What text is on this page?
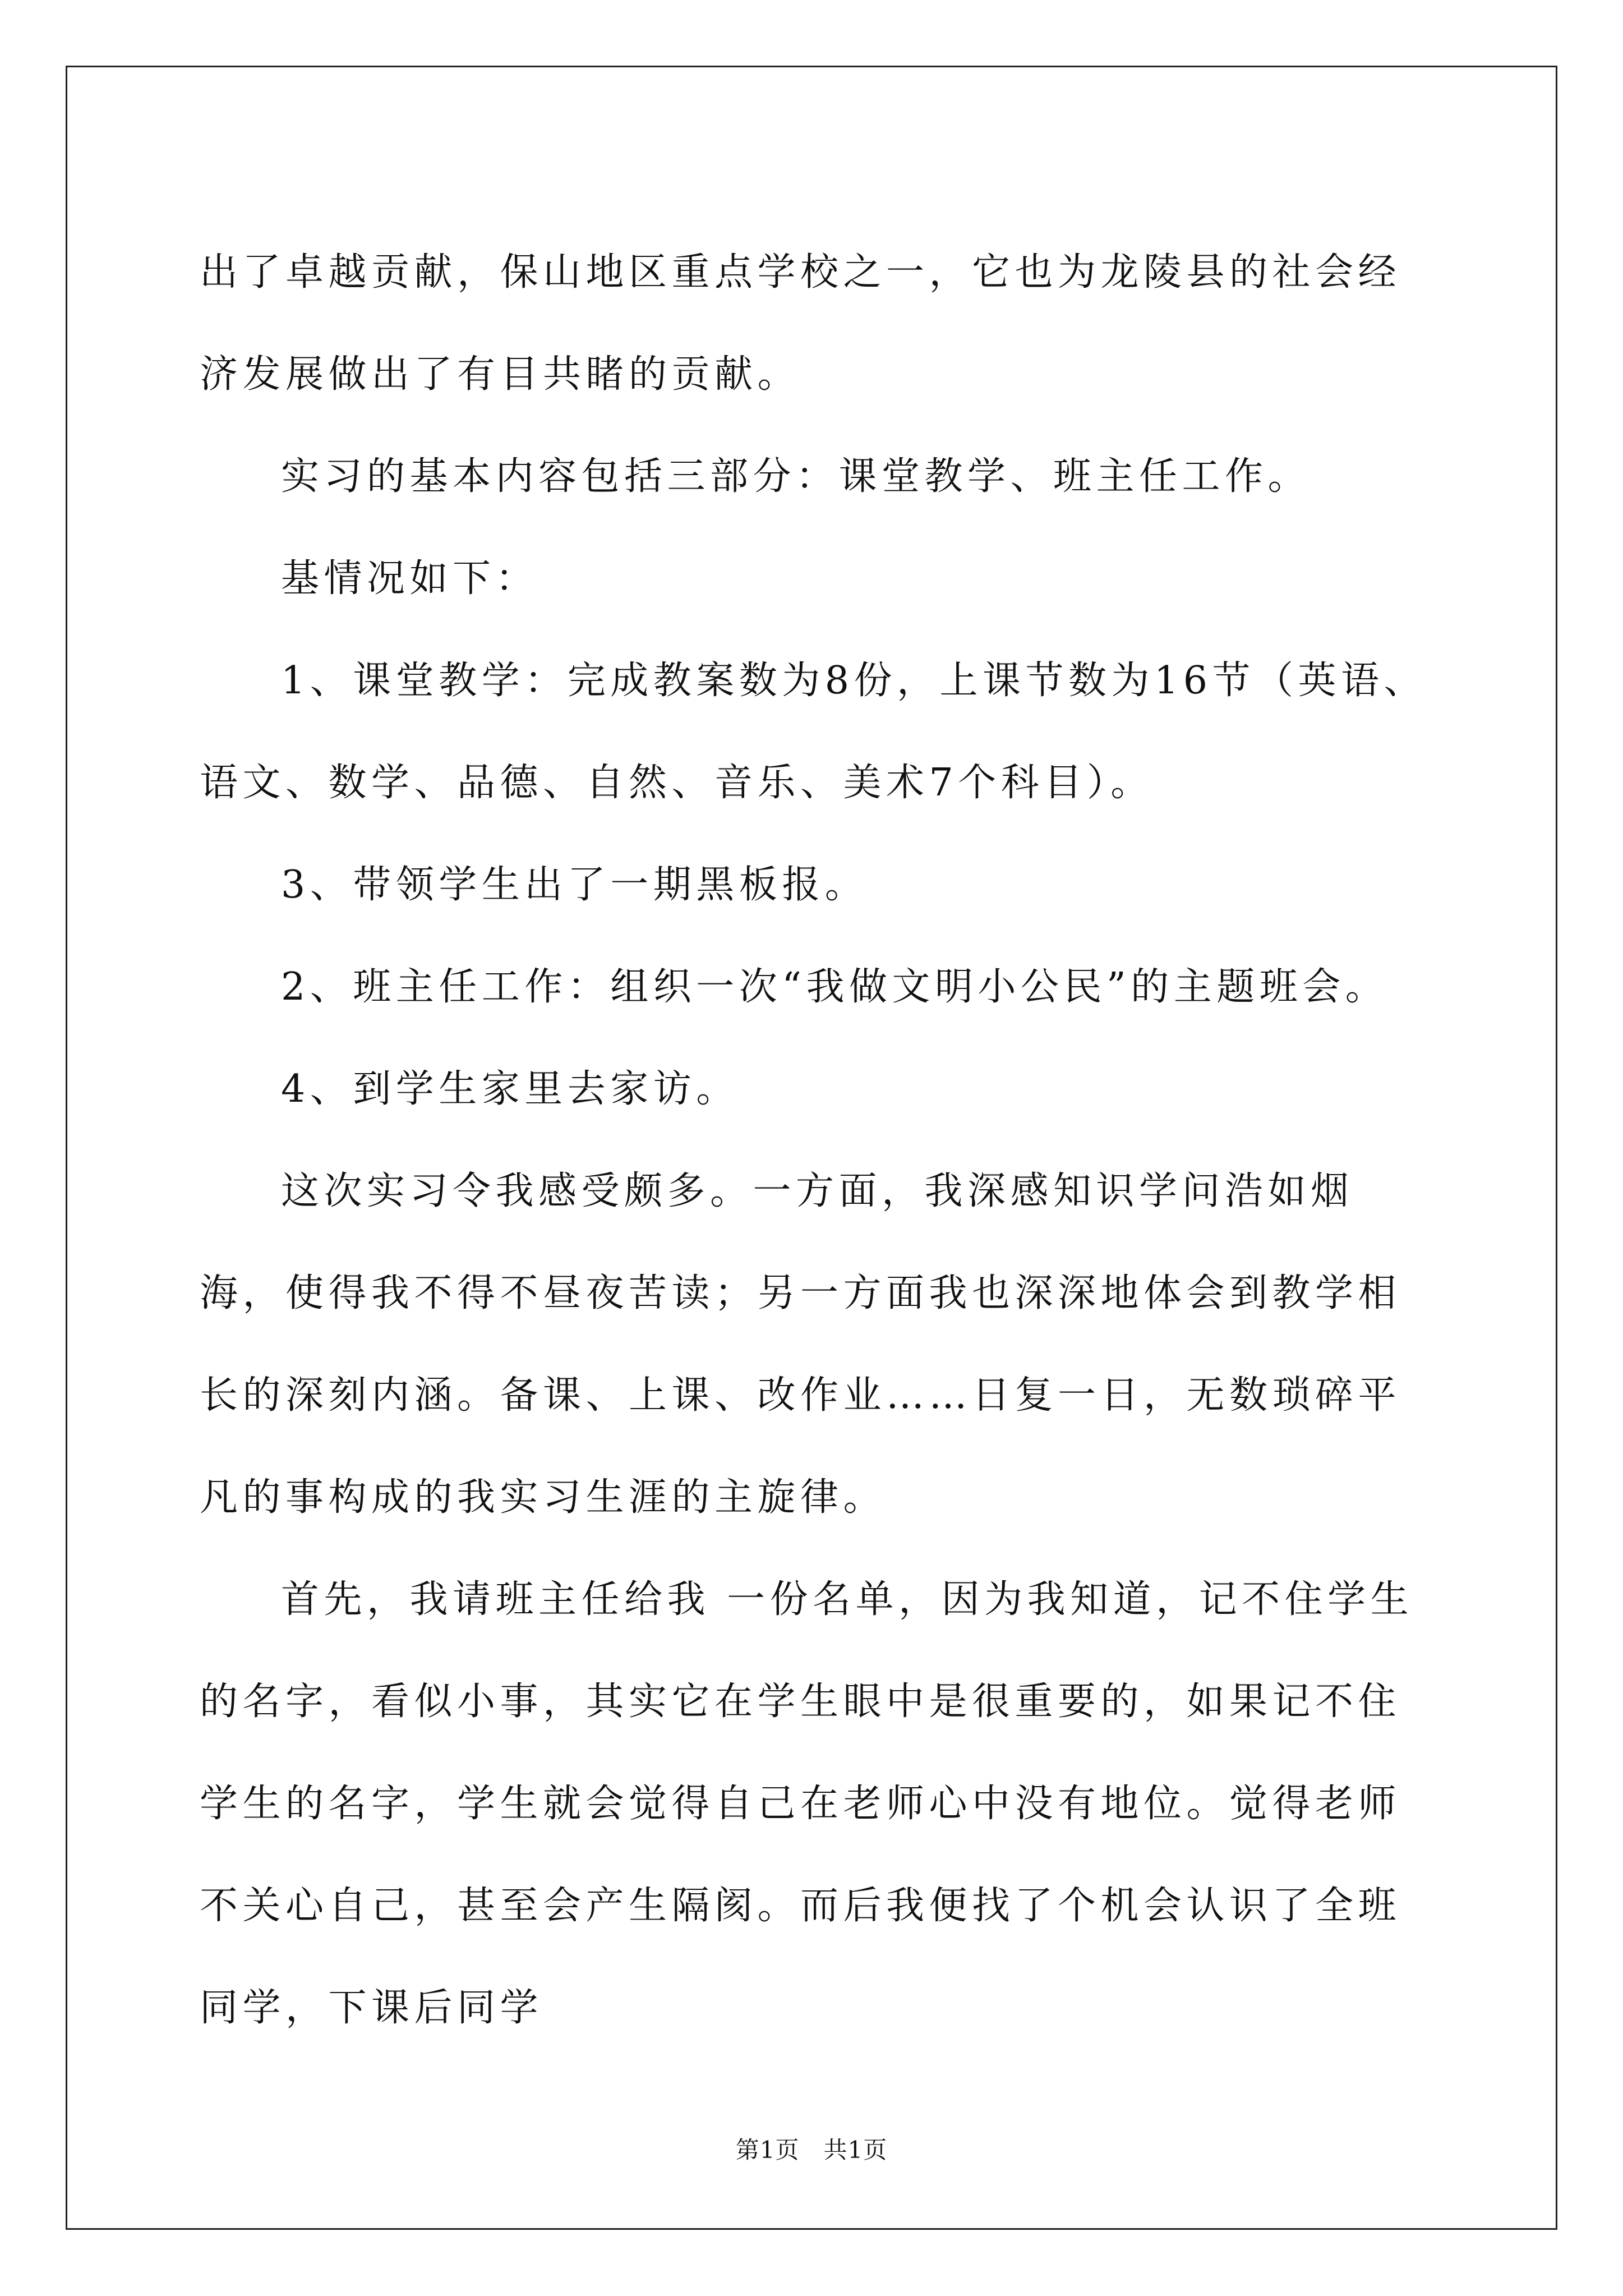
出了卓越贡献，保山地区重点学校之一，它也为龙陵县的社会经济发展做出了有目共睹的贡献。

实习的基本内容包括三部分：课堂教学、班主任工作。

基情况如下：

1、课堂教学：完成教案数为8份，上课节数为16节（英语、语文、数学、品德、自然、音乐、美术7个科目）。

3、带领学生出了一期黑板报。

2、班主任工作：组织一次“我做文明小公民”的主题班会。

4、到学生家里去家访。

这次实习令我感受颇多。一方面，我深感知识学问浩如烟海，使得我不得不昼夜苦读；另一方面我也深深地体会到教学相长的深刻内涵。备课、上课、改作业……日复一日，无数琐碎平凡的事构成的我实习生涯的主旋律。

首先，我请班主任给我 一份名单，因为我知道，记不住学生的名字，看似小事，其实它在学生眼中是很重要的，如果记不住学生的名字，学生就会觉得自己在老师心中没有地位。觉得老师不关心自己，甚至会产生隔阂。而后我便找了个机会认识了全班同学，下课后同学

第1页　共1页
